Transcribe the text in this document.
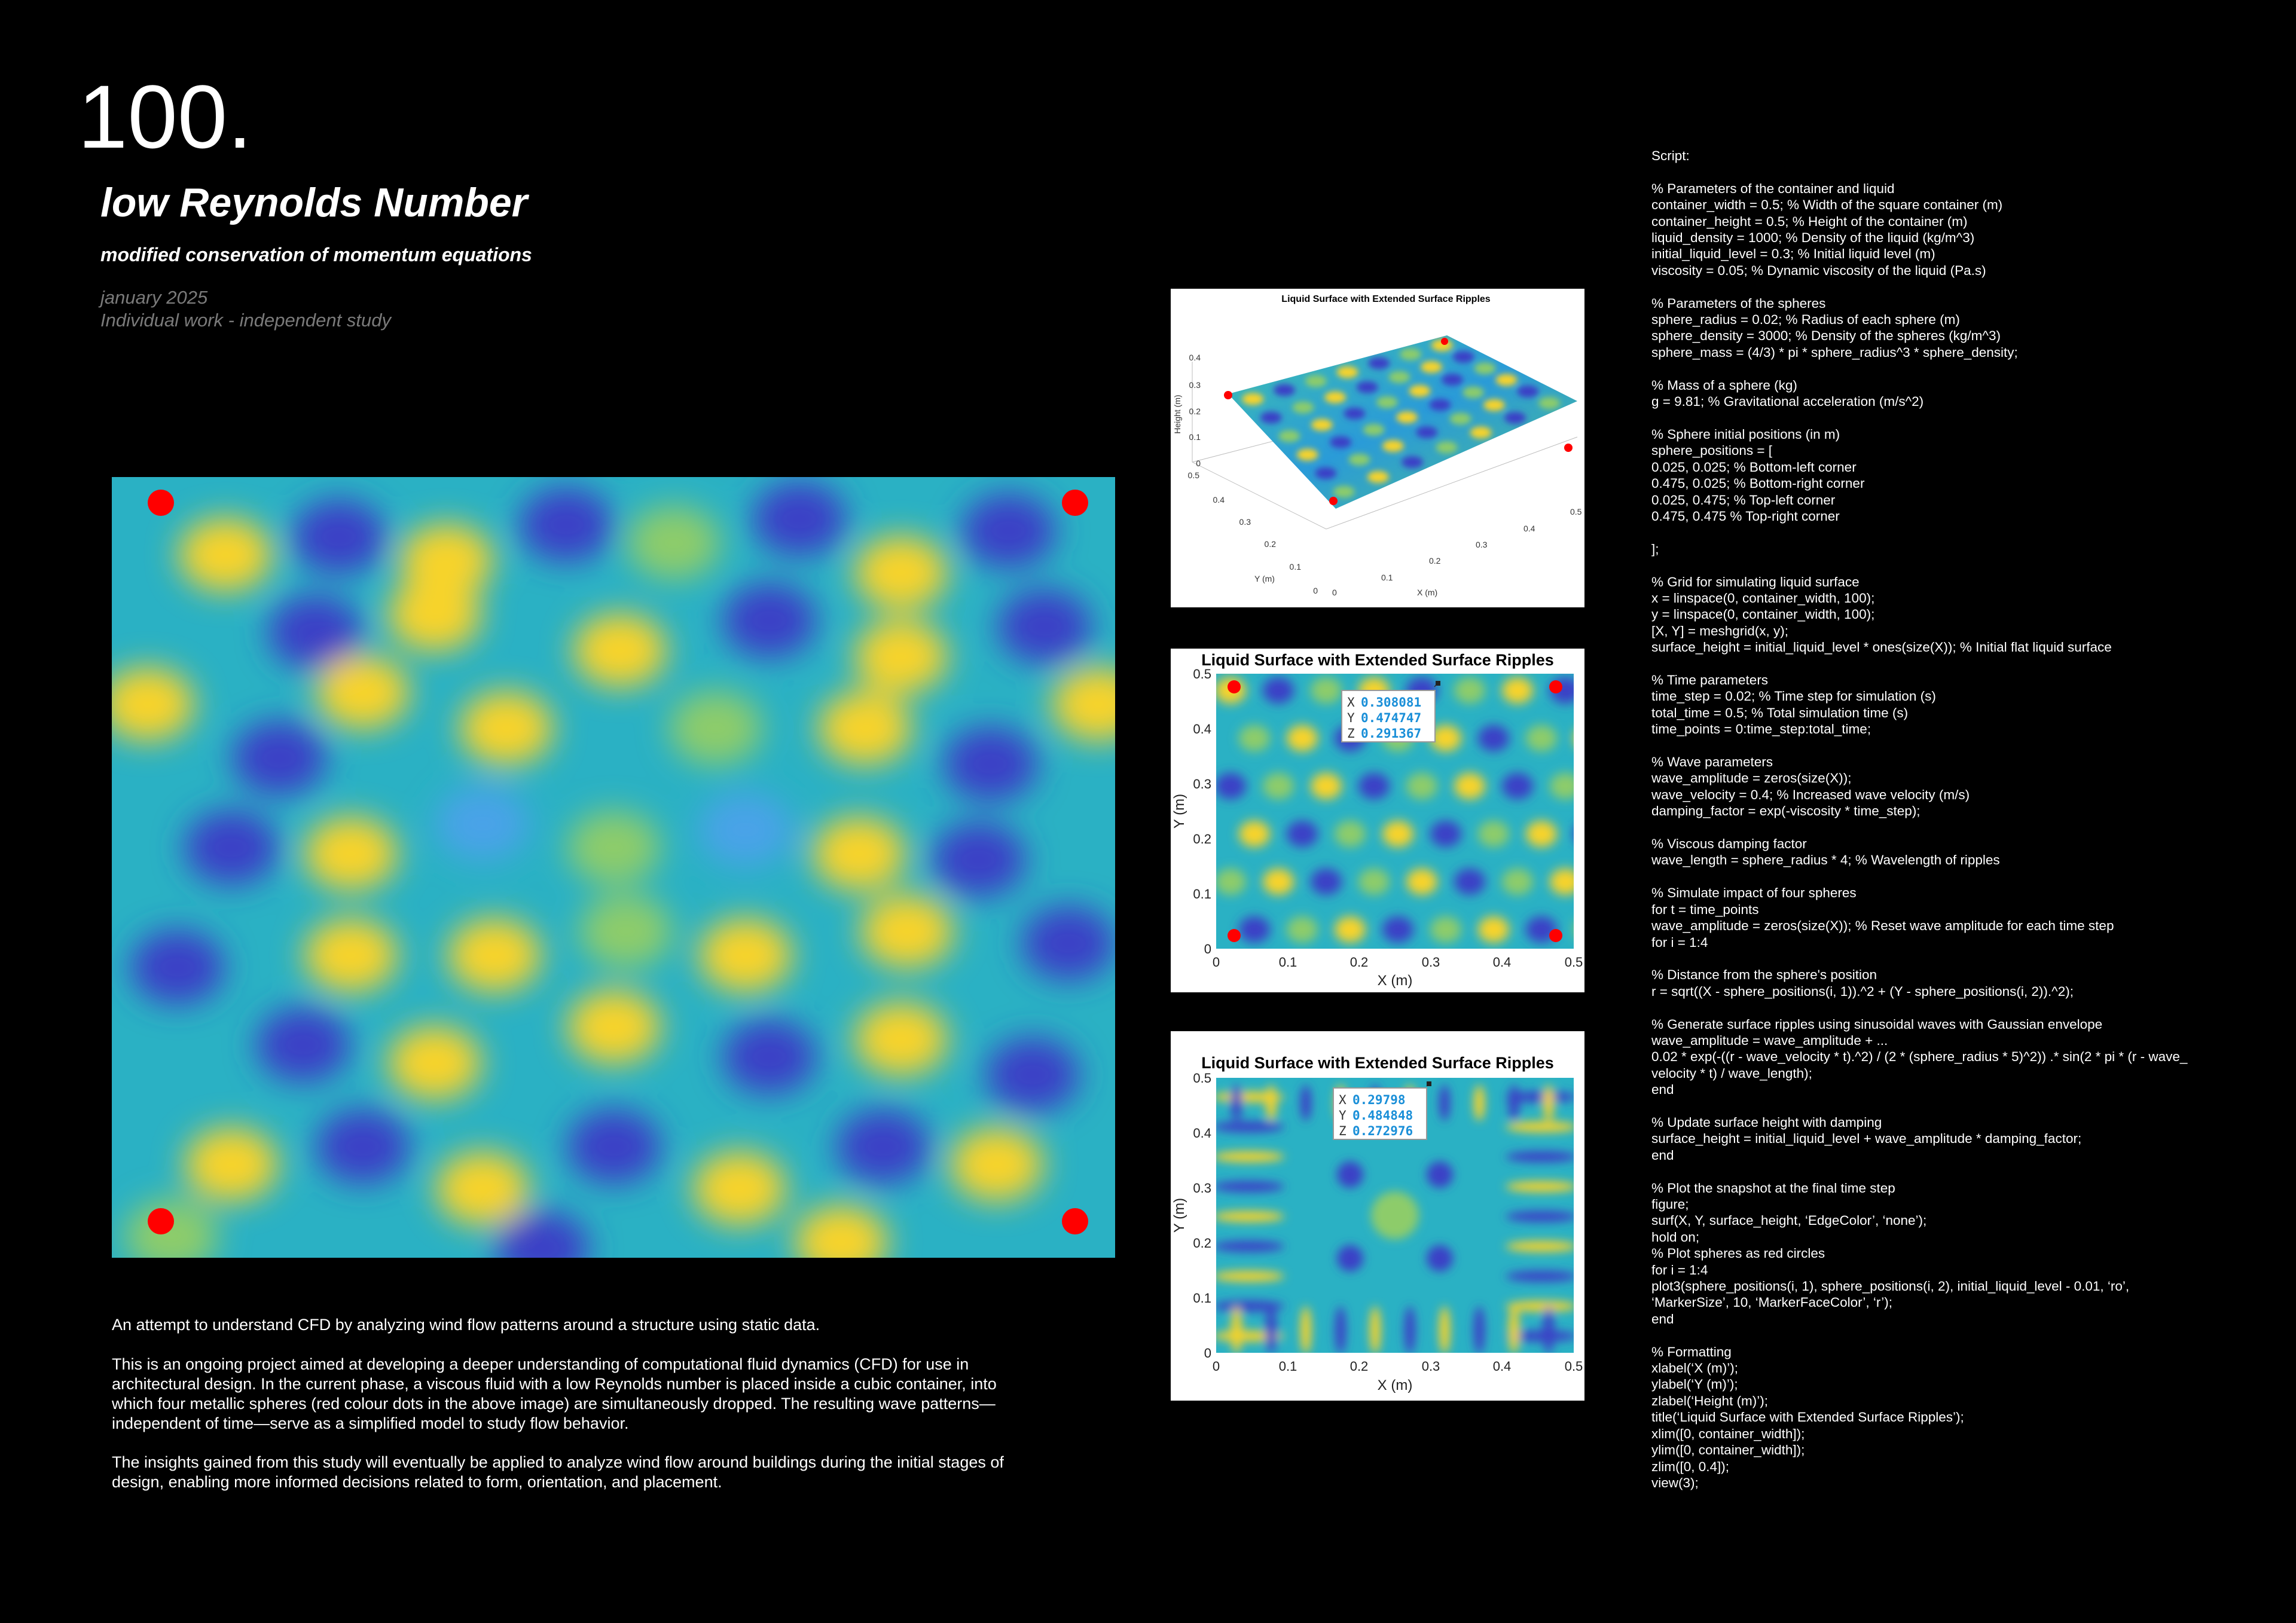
100.
low Reynolds Number
modified conservation of momentum equations
january 2025
Individual work - independent study
An attempt to understand CFD by analyzing wind flow patterns around a structure using static data.
This is an ongoing project aimed at developing a deeper understanding of computational fluid dynamics (CFD) for use in architectural design. In the current phase, a viscous fluid with a low Reynolds number is placed inside a cubic container, into which four metallic spheres (red colour dots in the above image) are simultaneously dropped. The resulting wave patterns—independent of time—serve as a simplified model to study flow behavior.
The insights gained from this study will eventually be applied to analyze wind flow around buildings during the initial stages of design, enabling more informed decisions related to form, orientation, and placement.
Liquid Surface with Extended Surface Ripples
0.4
0.3
0.2
0.1
0
Height (m)
0.5
0.4
0.3
0.2
0.1
0
Y (m)
0
0.1
0.2
0.3
0.4
0.5
X (m)
Liquid Surface with Extended Surface Ripples
0.5
0.4
0.3
0.2
0.1
0
0	0.1	0.2	0.3	0.4	0.5
X (m)
Y (m)
X 0.308081
Y 0.474747
Z 0.291367
Liquid Surface with Extended Surface Ripples
0.5
0.4
0.3
0.2
0.1
0
0	0.1	0.2	0.3	0.4	0.5
X (m)
Y (m)
X 0.29798
Y 0.484848
Z 0.272976
Script:

% Parameters of the container and liquid
container_width = 0.5; % Width of the square container (m)
container_height = 0.5; % Height of the container (m)
liquid_density = 1000; % Density of the liquid (kg/m^3)
initial_liquid_level = 0.3; % Initial liquid level (m)
viscosity = 0.05; % Dynamic viscosity of the liquid (Pa.s)

% Parameters of the spheres
sphere_radius = 0.02; % Radius of each sphere (m)
sphere_density = 3000; % Density of the spheres (kg/m^3)
sphere_mass = (4/3) * pi * sphere_radius^3 * sphere_density;

% Mass of a sphere (kg)
g = 9.81; % Gravitational acceleration (m/s^2)

% Sphere initial positions (in m)
sphere_positions = [
0.025, 0.025; % Bottom-left corner
0.475, 0.025; % Bottom-right corner
0.025, 0.475; % Top-left corner
0.475, 0.475 % Top-right corner

];

% Grid for simulating liquid surface
x = linspace(0, container_width, 100);
y = linspace(0, container_width, 100);
[X, Y] = meshgrid(x, y);
surface_height = initial_liquid_level * ones(size(X)); % Initial flat liquid surface

% Time parameters
time_step = 0.02; % Time step for simulation (s)
total_time = 0.5; % Total simulation time (s)
time_points = 0:time_step:total_time;

% Wave parameters
wave_amplitude = zeros(size(X));
wave_velocity = 0.4; % Increased wave velocity (m/s)
damping_factor = exp(-viscosity * time_step);

% Viscous damping factor
wave_length = sphere_radius * 4; % Wavelength of ripples

% Simulate impact of four spheres
for t = time_points
wave_amplitude = zeros(size(X)); % Reset wave amplitude for each time step
for i = 1:4

% Distance from the sphere's position
r = sqrt((X - sphere_positions(i, 1)).^2 + (Y - sphere_positions(i, 2)).^2);

% Generate surface ripples using sinusoidal waves with Gaussian envelope
wave_amplitude = wave_amplitude + ...
0.02 * exp(-((r - wave_velocity * t).^2) / (2 * (sphere_radius * 5)^2)) .* sin(2 * pi * (r - wave_
velocity * t) / wave_length);
end

% Update surface height with damping
surface_height = initial_liquid_level + wave_amplitude * damping_factor;
end

% Plot the snapshot at the final time step
figure;
surf(X, Y, surface_height, ‘EdgeColor’, ‘none’);
hold on;
% Plot spheres as red circles
for i = 1:4
plot3(sphere_positions(i, 1), sphere_positions(i, 2), initial_liquid_level - 0.01, ‘ro’,
‘MarkerSize’, 10, ‘MarkerFaceColor’, ‘r’);
end

% Formatting
xlabel(‘X (m)’);
ylabel(‘Y (m)’);
zlabel(‘Height (m)’);
title(‘Liquid Surface with Extended Surface Ripples’);
xlim([0, container_width]);
ylim([0, container_width]);
zlim([0, 0.4]);
view(3);
